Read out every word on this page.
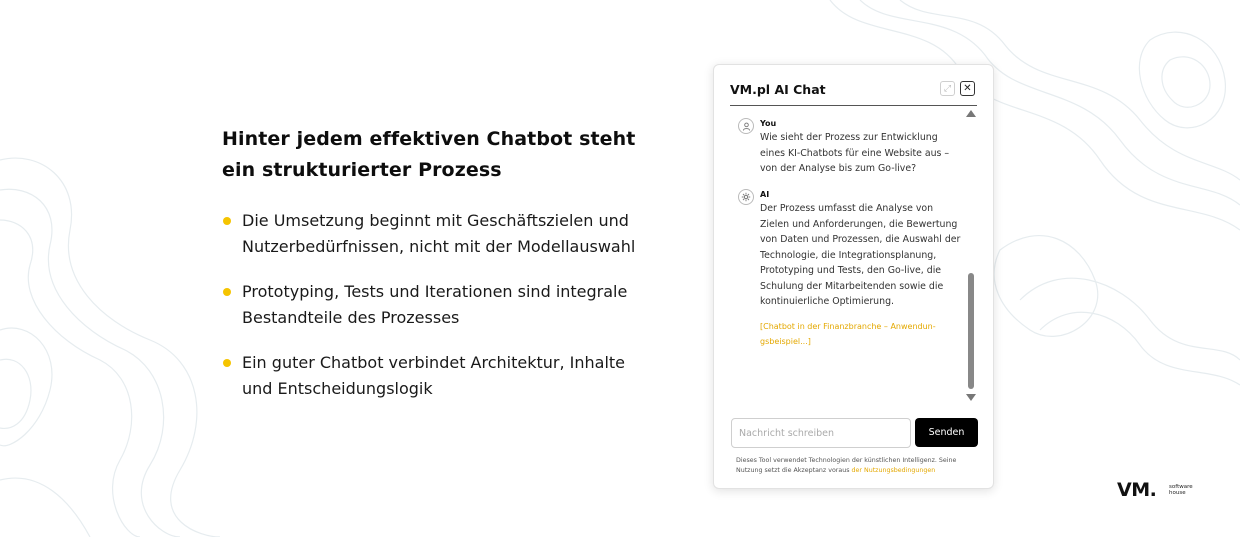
Hinter jedem effektiven Chatbot steht
ein strukturierter Prozess
Die Umsetzung beginnt mit Geschäftszielen und
Nutzerbedürfnissen, nicht mit der Modellauswahl
Prototyping, Tests und Iterationen sind integrale
Bestandteile des Prozesses
Ein guter Chatbot verbindet Architektur, Inhalte
und Entscheidungslogik
VM.pl AI Chat	⤢	✕
You
Wie sieht der Prozess zur Entwicklung
eines KI-Chatbots für eine Website aus –
von der Analyse bis zum Go-live?
AI
Der Prozess umfasst die Analyse von
Zielen und Anforderungen, die Bewertung
von Daten und Prozessen, die Auswahl der
Technologie, die Integrationsplanung,
Prototyping und Tests, den Go-live, die
Schulung der Mitarbeitenden sowie die
kontinuierliche Optimierung.
[Chatbot in der Finanzbranche – Anwendun-
gsbeispiel...]
Nachricht schreiben
Senden
Dieses Tool verwendet Technologien der künstlichen Intelligenz. Seine
Nutzung setzt die Akzeptanz voraus der Nutzungsbedingungen
VM. software
house
